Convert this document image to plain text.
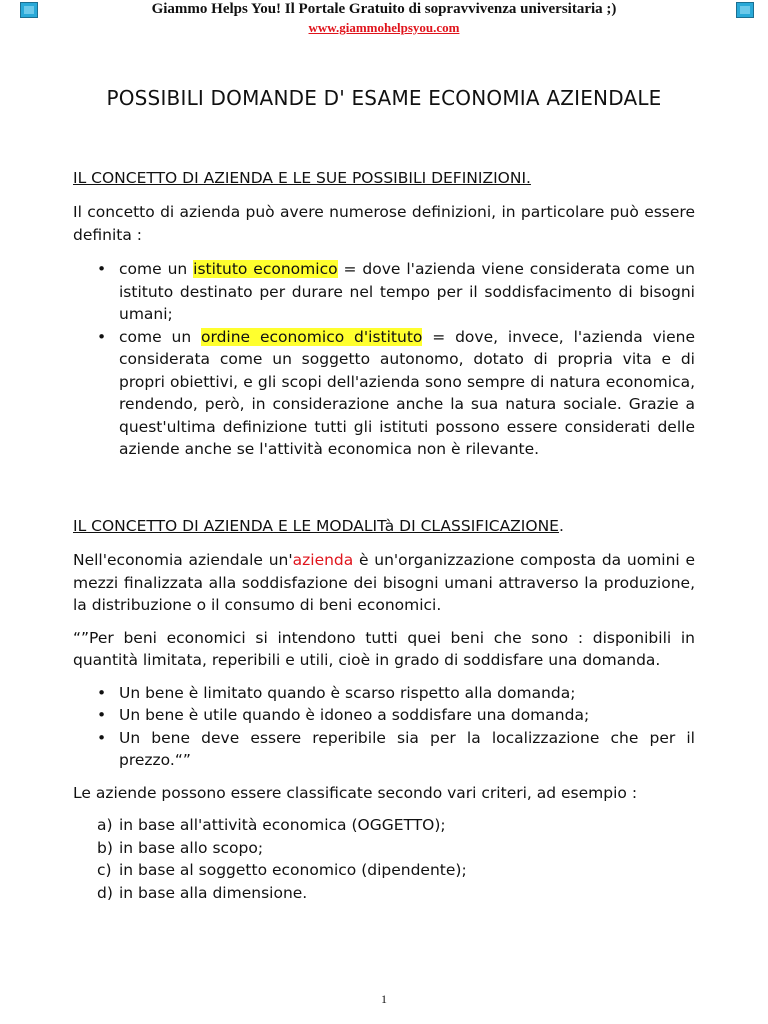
Giammo Helps You! Il Portale Gratuito di sopravvivenza universitaria ;)
www.giammohelpsyou.com
POSSIBILI DOMANDE D' ESAME ECONOMIA AZIENDALE
IL CONCETTO DI AZIENDA E LE SUE POSSIBILI DEFINIZIONI.

Il concetto di azienda può avere numerose definizioni, in particolare può essere definita :

• come un istituto economico = dove l'azienda viene considerata come un istituto destinato per durare nel tempo per il soddisfacimento di bisogni umani;
• come un ordine economico d'istituto = dove, invece, l'azienda viene considerata come un soggetto autonomo, dotato di propria vita e di propri obiettivi, e gli scopi dell'azienda sono sempre di natura economica, rendendo, però, in considerazione anche la sua natura sociale. Grazie a quest'ultima definizione tutti gli istituti possono essere considerati delle aziende anche se l'attività economica non è rilevante.
IL CONCETTO DI AZIENDA E LE MODALITà DI CLASSIFICAZIONE.

Nell'economia aziendale un'azienda è un'organizzazione composta da uomini e mezzi finalizzata alla soddisfazione dei bisogni umani attraverso la produzione, la distribuzione o il consumo di beni economici.

“”Per beni economici si intendono tutti quei beni che sono : disponibili in quantità limitata, reperibili e utili, cioè in grado di soddisfare una domanda.

• Un bene è limitato quando è scarso rispetto alla domanda;
• Un bene è utile quando è idoneo a soddisfare una domanda;
• Un bene deve essere reperibile sia per la localizzazione che per il prezzo.“”

Le aziende possono essere classificate secondo vari criteri, ad esempio :

a) in base all'attività economica (OGGETTO);
b) in base allo scopo;
c) in base al soggetto economico (dipendente);
d) in base alla dimensione.
1
